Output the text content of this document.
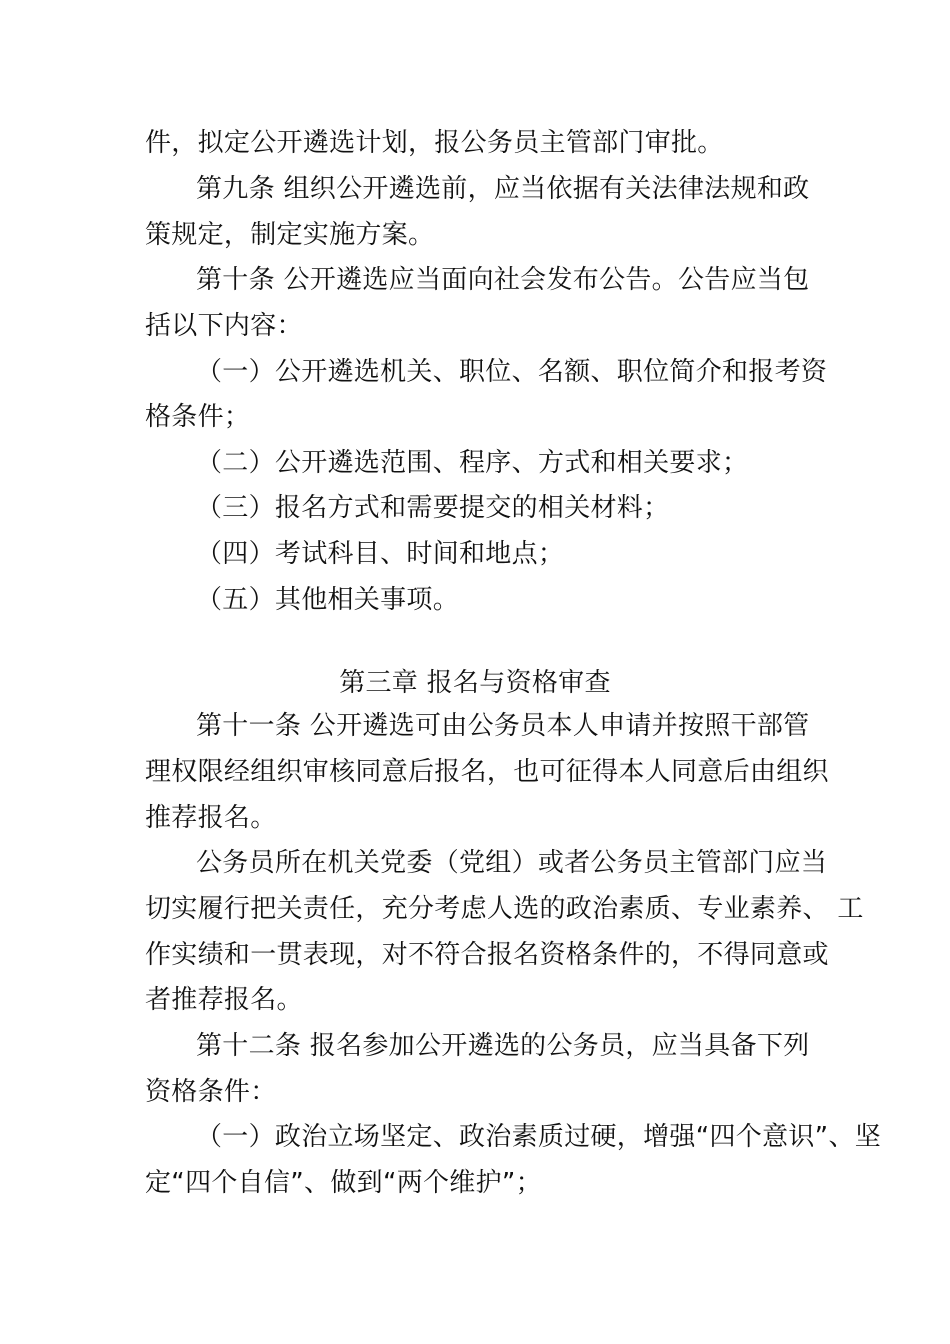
件，拟定公开遴选计划，报公务员主管部门审批。
第九条 组织公开遴选前，应当依据有关法律法规和政
策规定，制定实施方案。
第十条 公开遴选应当面向社会发布公告。公告应当包
括以下内容：
（一）公开遴选机关、职位、名额、职位简介和报考资
格条件；
（二）公开遴选范围、程序、方式和相关要求；
（三）报名方式和需要提交的相关材料；
（四）考试科目、时间和地点；
（五）其他相关事项。
第三章 报名与资格审查
第十一条 公开遴选可由公务员本人申请并按照干部管
理权限经组织审核同意后报名，也可征得本人同意后由组织
推荐报名。
公务员所在机关党委（党组）或者公务员主管部门应当
切实履行把关责任，充分考虑人选的政治素质、专业素养、 工
作实绩和一贯表现，对不符合报名资格条件的，不得同意或
者推荐报名。
第十二条 报名参加公开遴选的公务员，应当具备下列
资格条件：
（一）政治立场坚定、政治素质过硬，增强“四个意识”、坚
定“四个自信”、做到“两个维护”；
